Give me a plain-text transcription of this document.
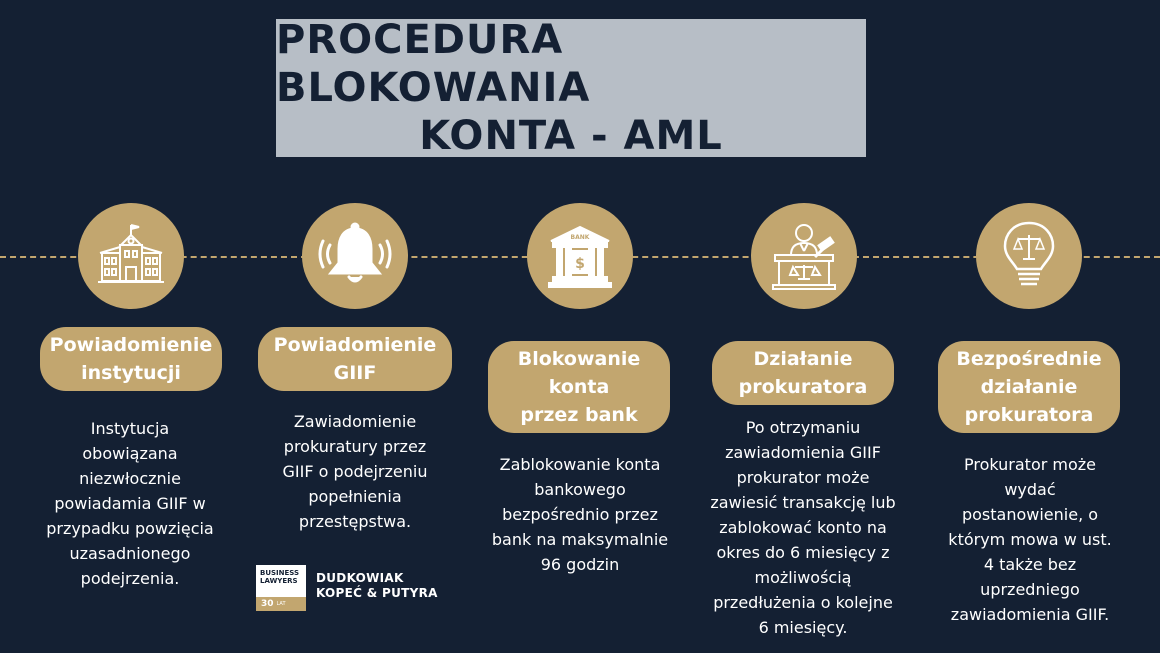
PROCEDURA BLOKOWANIA
KONTA - AML
Powiadomienie
instytucji
Instytucja
obowiązana
niezwłocznie
powiadamia GIIF w
przypadku powzięcia
uzasadnionego
podejrzenia.
Powiadomienie
GIIF
Zawiadomienie
prokuratury przez
GIIF o podejrzeniu
popełnienia
przestępstwa.
BANK
$
Blokowanie
konta
przez bank
Zablokowanie konta
bankowego
bezpośrednio przez
bank na maksymalnie
96 godzin
Działanie
prokuratora
Po otrzymaniu
zawiadomienia GIIF
prokurator może
zawiesić transakcję lub
zablokować konto na
okres do 6 miesięcy z
możliwością
przedłużenia o kolejne
6 miesięcy.
Bezpośrednie
działanie
prokuratora
Prokurator może
wydać
postanowienie, o
którym mowa w ust.
4 także bez
uprzedniego
zawiadomienia GIIF.
BUSINESS
LAWYERS
30 LAT
DUDKOWIAK
KOPEĆ & PUTYRA
